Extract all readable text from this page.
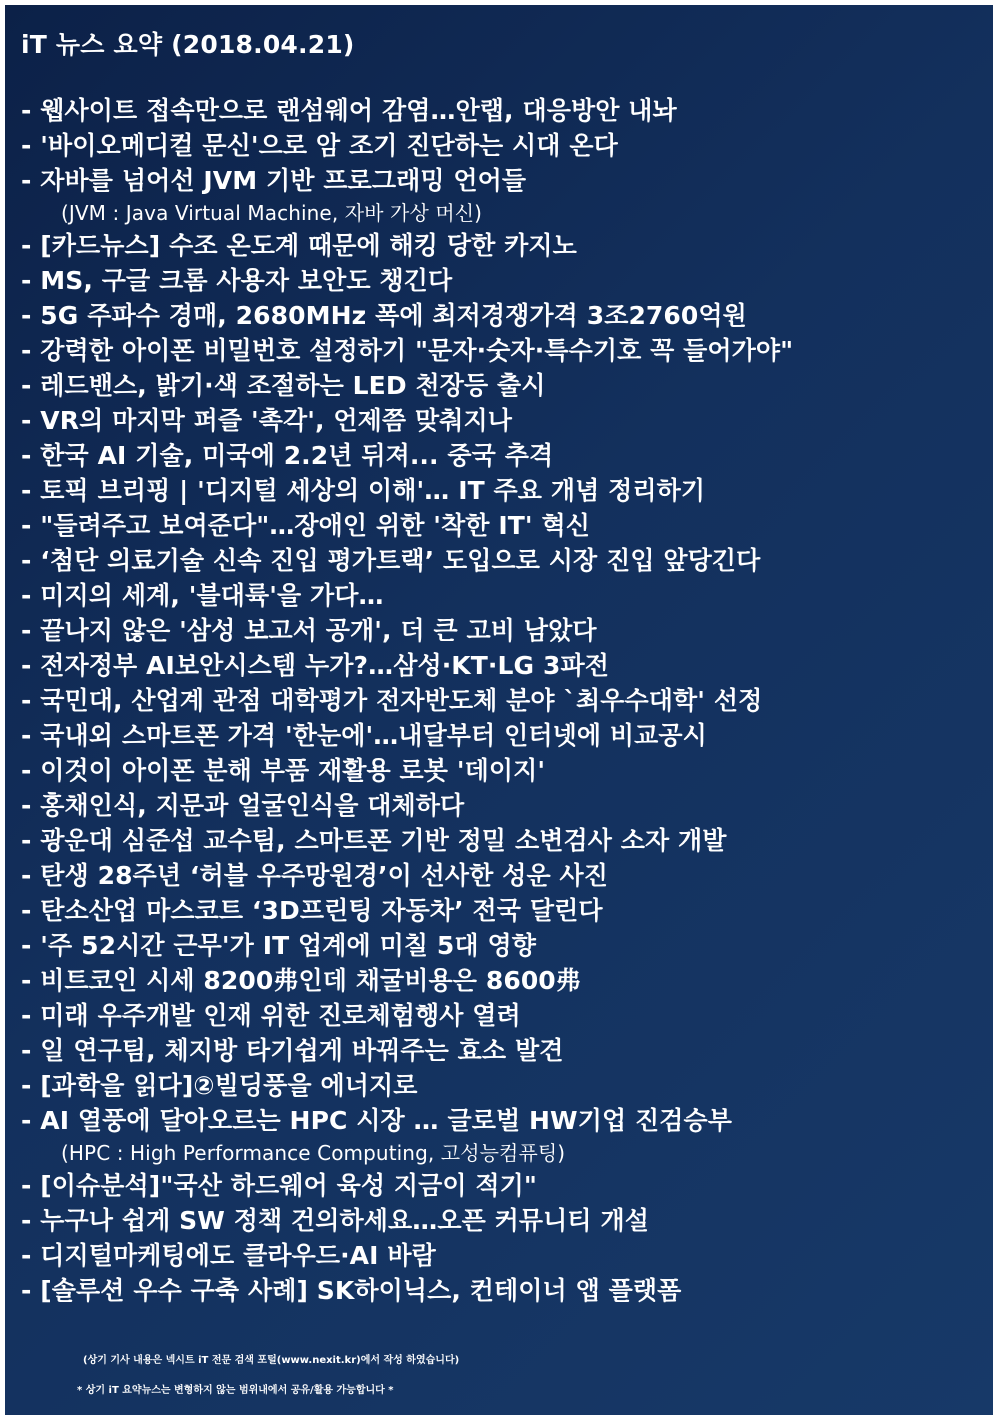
iT 뉴스 요약 (2018.04.21)
- 웹사이트 접속만으로 랜섬웨어 감염…안랩, 대응방안 내놔
- '바이오메디컬 문신'으로 암 조기 진단하는 시대 온다
- 자바를 넘어선 JVM 기반 프로그래밍 언어들
(JVM : Java Virtual Machine, 자바 가상 머신)
- [카드뉴스] 수조 온도계 때문에 해킹 당한 카지노
- MS, 구글 크롬 사용자 보안도 챙긴다
- 5G 주파수 경매, 2680MHz 폭에 최저경쟁가격 3조2760억원
- 강력한 아이폰 비밀번호 설정하기 "문자·숫자·특수기호 꼭 들어가야"
- 레드밴스, 밝기·색 조절하는 LED 천장등 출시
- VR의 마지막 퍼즐 '촉각', 언제쯤 맞춰지나
- 한국 AI 기술, 미국에 2.2년 뒤져... 중국 추격
- 토픽 브리핑 | '디지털 세상의 이해'… IT 주요 개념 정리하기
- "들려주고 보여준다"…장애인 위한 '착한 IT' 혁신
- ‘첨단 의료기술 신속 진입 평가트랙’ 도입으로 시장 진입 앞당긴다
- 미지의 세계, '블대륙'을 가다…
- 끝나지 않은 '삼성 보고서 공개', 더 큰 고비 남았다
- 전자정부 AI보안시스템 누가?…삼성·KT·LG 3파전
- 국민대, 산업계 관점 대학평가 전자반도체 분야 `최우수대학' 선정
- 국내외 스마트폰 가격 '한눈에'…내달부터 인터넷에 비교공시
- 이것이 아이폰 분해 부품 재활용 로봇 '데이지'
- 홍채인식, 지문과 얼굴인식을 대체하다
- 광운대 심준섭 교수팀, 스마트폰 기반 정밀 소변검사 소자 개발
- 탄생 28주년 ‘허블 우주망원경’이 선사한 성운 사진
- 탄소산업 마스코트 ‘3D프린팅 자동차’ 전국 달린다
- '주 52시간 근무'가 IT 업계에 미칠 5대 영향
- 비트코인 시세 8200弗인데 채굴비용은 8600弗
- 미래 우주개발 인재 위한 진로체험행사 열려
- 일 연구팀, 체지방 타기쉽게 바꿔주는 효소 발견
- [과학을 읽다]②빌딩풍을 에너지로
- AI 열풍에 달아오르는 HPC 시장 … 글로벌 HW기업 진검승부
(HPC : High Performance Computing, 고성능컴퓨팅)
- [이슈분석]"국산 하드웨어 육성 지금이 적기"
- 누구나 쉽게 SW 정책 건의하세요…오픈 커뮤니티 개설
- 디지털마케팅에도 클라우드·AI 바람
- [솔루션 우수 구축 사례] SK하이닉스, 컨테이너 앱 플랫폼
(상기 기사 내용은 넥시트 iT 전문 검색 포털(www.nexit.kr)에서 작성 하였습니다)
* 상기 iT 요약뉴스는 변형하지 않는 범위내에서 공유/활용 가능합니다 *
